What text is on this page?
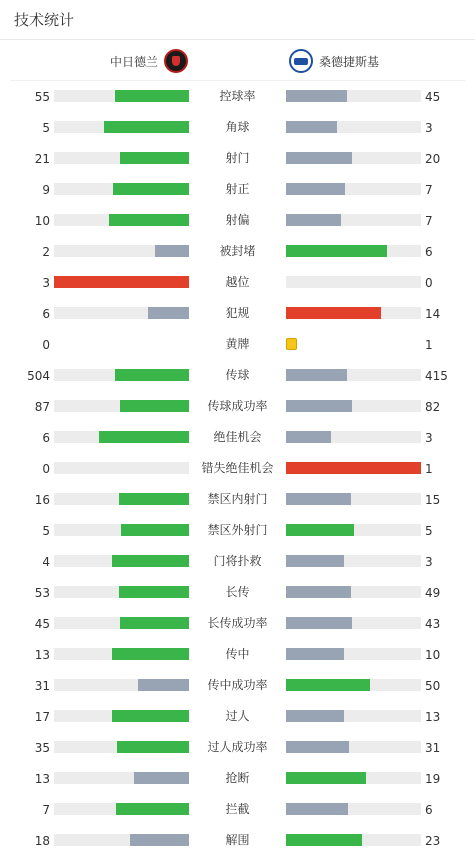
技术统计
中日德兰	桑德捷斯基
55	控球率	45
5	角球	3
21	射门	20
9	射正	7
10	射偏	7
2	被封堵	6
3	越位	0
6	犯规	14
0	黄牌	1
504	传球	415
87	传球成功率	82
6	绝佳机会	3
0	错失绝佳机会	1
16	禁区内射门	15
5	禁区外射门	5
4	门将扑救	3
53	长传	49
45	长传成功率	43
13	传中	10
31	传中成功率	50
17	过人	13
35	过人成功率	31
13	抢断	19
7	拦截	6
18	解围	23
